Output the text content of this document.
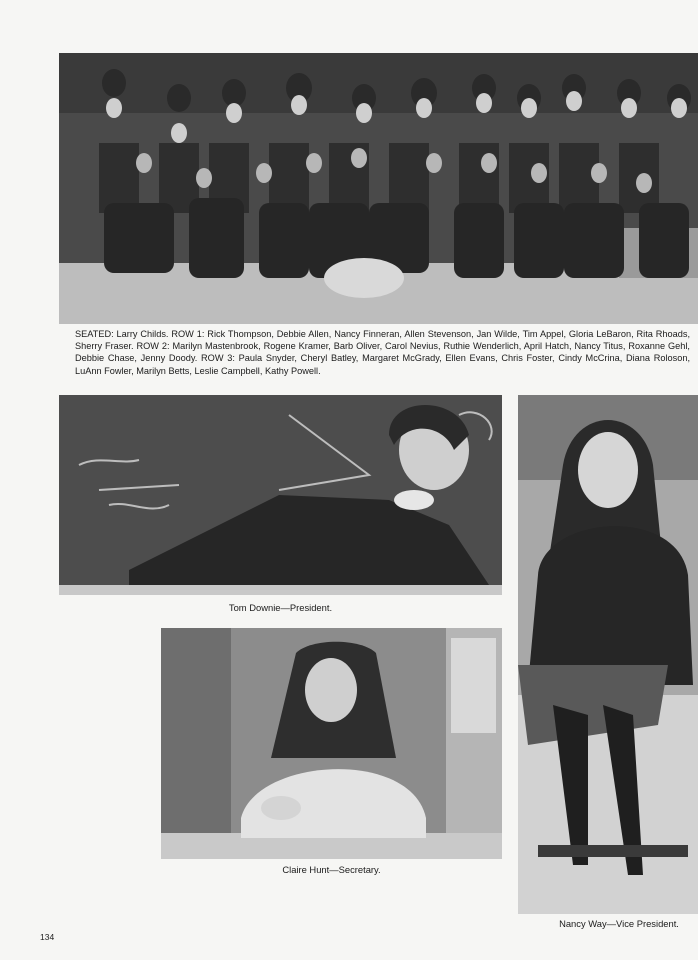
SEATED: Larry Childs. ROW 1: Rick Thompson, Debbie Allen, Nancy Finneran, Allen Stevenson, Jan Wilde, Tim Appel, Gloria LeBaron, Rita Rhoads, Sherry Fraser. ROW 2: Marilyn Mastenbrook, Rogene Kramer, Barb Oliver, Carol Nevius, Ruthie Wenderlich, April Hatch, Nancy Titus, Roxanne Gehl, Debbie Chase, Jenny Doody. ROW 3: Paula Snyder, Cheryl Batley, Margaret McGrady, Ellen Evans, Chris Foster, Cindy McCrina, Diana Roloson, LuAnn Fowler, Marilyn Betts, Leslie Campbell, Kathy Powell.
Tom Downie—President.
Claire Hunt—Secretary.
Nancy Way—Vice President.
134
